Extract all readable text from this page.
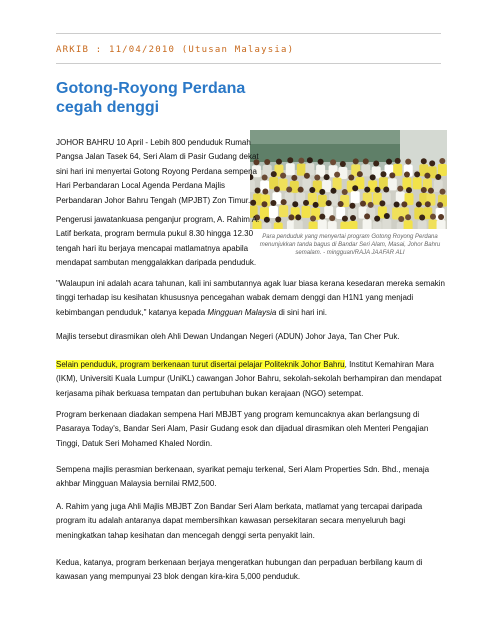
ARKIB : 11/04/2010 (Utusan Malaysia)
Gotong-Royong Perdana cegah denggi
Para penduduk yang menyertai program Gotong Royong Perdana menunjukkan tanda bagus di Bandar Seri Alam, Masai, Johor Bahru semalam. - mingguan/RAJA JAAFAR ALI

JOHOR BAHRU 10 April - Lebih 800 penduduk Rumah Pangsa Jalan Tasek 64, Seri Alam di Pasir Gudang dekat sini hari ini menyertai Gotong Royong Perdana sempena Hari Perbandaran Local Agenda Perdana Majlis Perbandaran Johor Bahru Tengah (MPJBT) Zon Timur.

Pengerusi jawatankuasa penganjur program, A. Rahim A. Latif berkata, program bermula pukul 8.30 hingga 12.30 tengah hari itu berjaya mencapai matlamatnya apabila mendapat sambutan menggalakkan daripada penduduk.

"Walaupun ini adalah acara tahunan, kali ini sambutannya agak luar biasa kerana kesedaran mereka semakin tinggi terhadap isu kesihatan khususnya pencegahan wabak demam denggi dan H1N1 yang menjadi kebimbangan penduduk," katanya kepada Mingguan Malaysia di sini hari ini.

Majlis tersebut dirasmikan oleh Ahli Dewan Undangan Negeri (ADUN) Johor Jaya, Tan Cher Puk.

Selain penduduk, program berkenaan turut disertai pelajar Politeknik Johor Bahru, Institut Kemahiran Mara (IKM), Universiti Kuala Lumpur (UniKL) cawangan Johor Bahru, sekolah-sekolah berhampiran dan mendapat kerjasama pihak berkuasa tempatan dan pertubuhan bukan kerajaan (NGO) setempat.

Program berkenaan diadakan sempena Hari MBJBT yang program kemuncaknya akan berlangsung di Pasaraya Today's, Bandar Seri Alam, Pasir Gudang esok dan dijadual dirasmikan oleh Menteri Pengajian Tinggi, Datuk Seri Mohamed Khaled Nordin.

Sempena majlis perasmian berkenaan, syarikat pemaju terkenal, Seri Alam Properties Sdn. Bhd., menaja akhbar Mingguan Malaysia bernilai RM2,500.

A. Rahim yang juga Ahli Majlis MBJBT Zon Bandar Seri Alam berkata, matlamat yang tercapai daripada program itu adalah antaranya dapat membersihkan kawasan persekitaran secara menyeluruh bagi meningkatkan tahap kesihatan dan mencegah denggi serta penyakit lain.

Kedua, katanya, program berkenaan berjaya mengeratkan hubungan dan perpaduan berbilang kaum di kawasan yang mempunyai 23 blok dengan kira-kira 5,000 penduduk.
